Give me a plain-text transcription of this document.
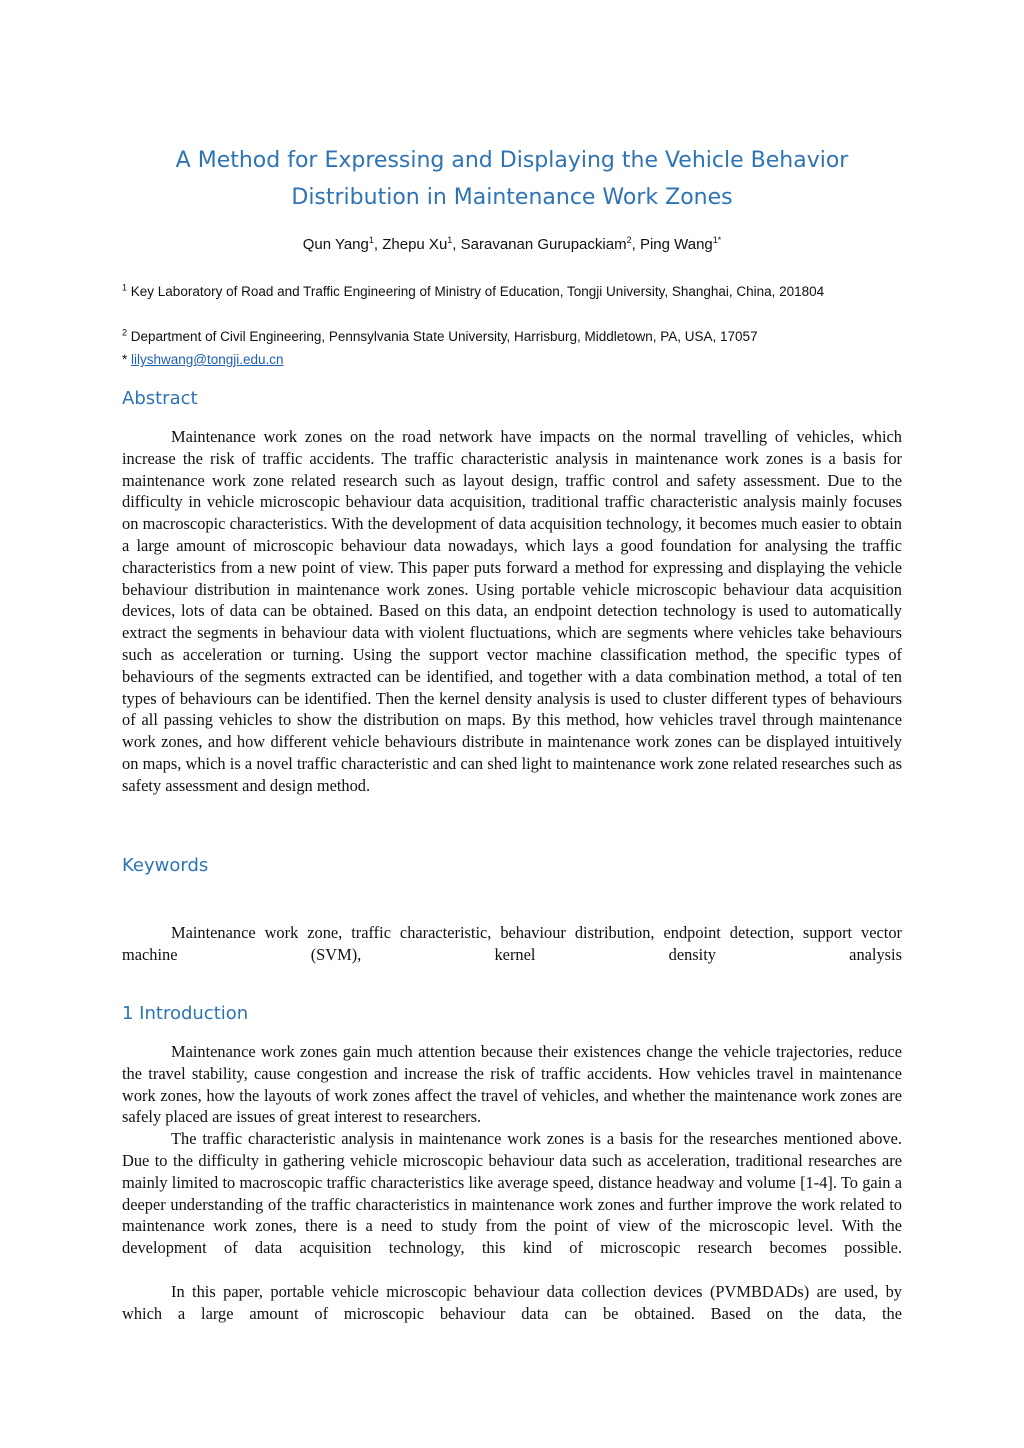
A Method for Expressing and Displaying the Vehicle Behavior
Distribution in Maintenance Work Zones
Qun Yang$^1$, Zhepu Xu$^1$, Saravanan Gurupackiam$^2$, Ping Wang$^{1*}$
$^1$ Key Laboratory of Road and Traffic Engineering of Ministry of Education, Tongji University, Shanghai, China, 201804
$^2$ Department of Civil Engineering, Pennsylvania State University, Harrisburg, Middletown, PA, USA, 17057
* lilyshwang@tongji.edu.cn
Abstract

Maintenance work zones on the road network have impacts on the normal travelling of vehicles, which increase the risk of traffic accidents. The traffic characteristic analysis in maintenance work zones is a basis for maintenance work zone related research such as layout design, traffic control and safety assessment. Due to the difficulty in vehicle microscopic behaviour data acquisition, traditional traffic characteristic analysis mainly focuses on macroscopic characteristics. With the development of data acquisition technology, it becomes much easier to obtain a large amount of microscopic behaviour data nowadays, which lays a good foundation for analysing the traffic characteristics from a new point of view. This paper puts forward a method for expressing and displaying the vehicle behaviour distribution in maintenance work zones. Using portable vehicle microscopic behaviour data acquisition devices, lots of data can be obtained. Based on this data, an endpoint detection technology is used to automatically extract the segments in behaviour data with violent fluctuations, which are segments where vehicles take behaviours such as acceleration or turning. Using the support vector machine classification method, the specific types of behaviours of the segments extracted can be identified, and together with a data combination method, a total of ten types of behaviours can be identified. Then the kernel density analysis is used to cluster different types of behaviours of all passing vehicles to show the distribution on maps. By this method, how vehicles travel through maintenance work zones, and how different vehicle behaviours distribute in maintenance work zones can be displayed intuitively on maps, which is a novel traffic characteristic and can shed light to maintenance work zone related researches such as safety assessment and design method.

Keywords

Maintenance work zone, traffic characteristic, behaviour distribution, endpoint detection, support vector machine (SVM), kernel density analysis

1 Introduction

Maintenance work zones gain much attention because their existences change the vehicle trajectories, reduce the travel stability, cause congestion and increase the risk of traffic accidents. How vehicles travel in maintenance work zones, how the layouts of work zones affect the travel of vehicles, and whether the maintenance work zones are safely placed are issues of great interest to researchers.

The traffic characteristic analysis in maintenance work zones is a basis for the researches mentioned above. Due to the difficulty in gathering vehicle microscopic behaviour data such as acceleration, traditional researches are mainly limited to macroscopic traffic characteristics like average speed, distance headway and volume [1-4]. To gain a deeper understanding of the traffic characteristics in maintenance work zones and further improve the work related to maintenance work zones, there is a need to study from the point of view of the microscopic level. With the development of data acquisition technology, this kind of microscopic research becomes possible.

In this paper, portable vehicle microscopic behaviour data collection devices (PVMBDADs) are used, by which a large amount of microscopic behaviour data can be obtained. Based on the data, the
